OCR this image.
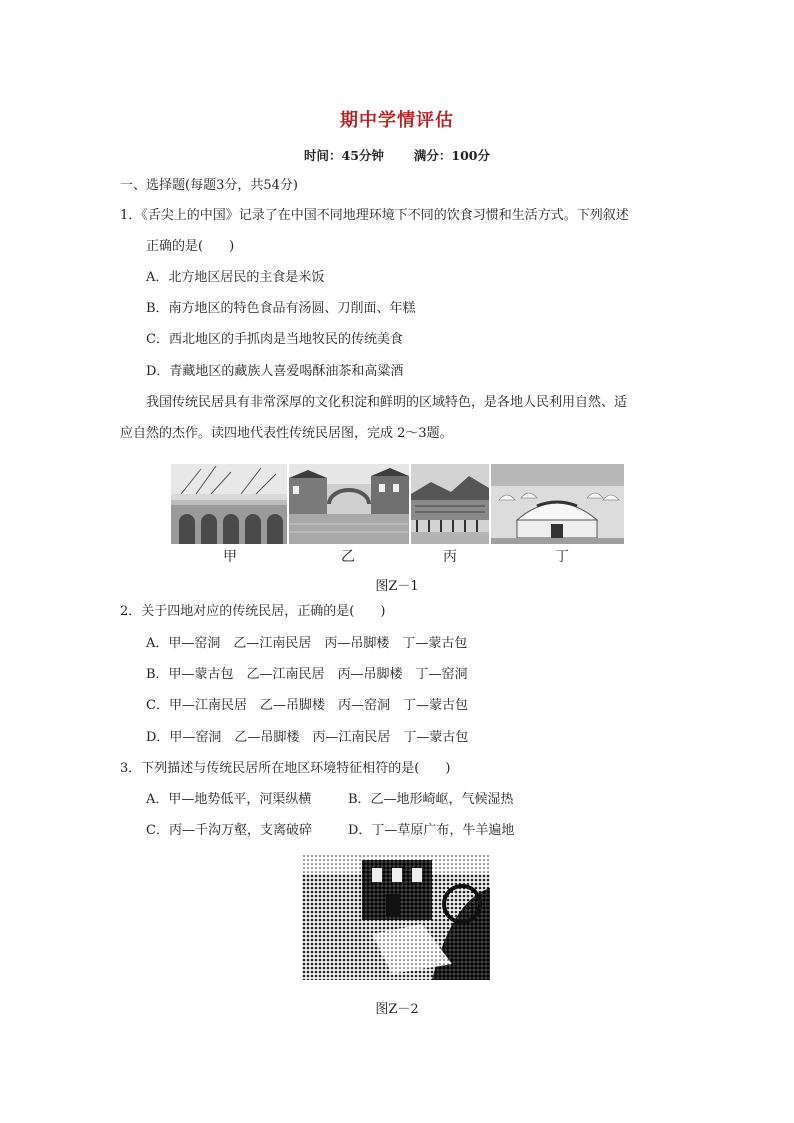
期中学情评估
时间：45分钟 满分：100分
一、选择题(每题3分，共54分)
1．《舌尖上的中国》记录了在中国不同地理环境下不同的饮食习惯和生活方式。下列叙述
正确的是(　　)
A．北方地区居民的主食是米饭
B．南方地区的特色食品有汤圆、刀削面、年糕
C．西北地区的手抓肉是当地牧民的传统美食
D．青藏地区的藏族人喜爱喝酥油茶和高粱酒
我国传统民居具有非常深厚的文化积淀和鲜明的区域特色，是各地人民利用自然、适
应自然的杰作。读四地代表性传统民居图，完成 2～3题。
甲	乙	丙	丁
图Z－1
2．关于四地对应的传统民居，正确的是(　　)
A．甲—窑洞　乙—江南民居　丙—吊脚楼　丁—蒙古包
B．甲—蒙古包　乙—江南民居　丙—吊脚楼　丁—窑洞
C．甲—江南民居　乙—吊脚楼　丙—窑洞　丁—蒙古包
D．甲—窑洞　乙—吊脚楼　丙—江南民居　丁—蒙古包
3．下列描述与传统民居所在地区环境特征相符的是(　　)
A．甲—地势低平，河渠纵横	B．乙—地形崎岖，气候湿热
C．丙—千沟万壑，支离破碎	D．丁—草原广布，牛羊遍地
图Z－2
